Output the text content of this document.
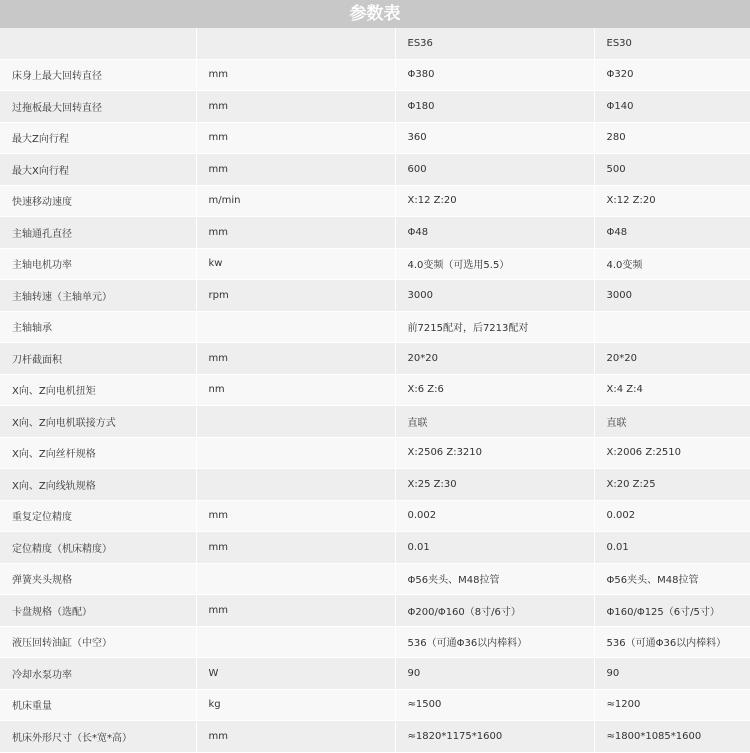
参数表
		ES36	ES30
床身上最大回转直径	mm	Φ380	Φ320
过拖板最大回转直径	mm	Φ180	Φ140
最大Z向行程	mm	360	280
最大X向行程	mm	600	500
快速移动速度	m/min	X:12 Z:20	X:12 Z:20
主轴通孔直径	mm	Φ48	Φ48
主轴电机功率	kw	4.0变频（可选用5.5）	4.0变频
主轴转速（主轴单元）	rpm	3000	3000
主轴轴承		前7215配对，后7213配对	
刀杆截面积	mm	20*20	20*20
X向、Z向电机扭矩	nm	X:6 Z:6	X:4 Z:4
X向、Z向电机联接方式		直联	直联
X向、Z向丝杆规格		X:2506 Z:3210	X:2006 Z:2510
X向、Z向线轨规格		X:25 Z:30	X:20 Z:25
重复定位精度	mm	0.002	0.002
定位精度（机床精度）	mm	0.01	0.01
弹簧夹头规格		Φ56夹头、M48拉管	Φ56夹头、M48拉管
卡盘规格（选配）	mm	Φ200/Φ160（8寸/6寸）	Φ160/Φ125（6寸/5寸）
液压回转油缸（中空）		536（可通Φ36以内棒料）	536（可通Φ36以内棒料）
冷却水泵功率	W	90	90
机床重量	kg	≈1500	≈1200
机床外形尺寸（长*宽*高）	mm	≈1820*1175*1600	≈1800*1085*1600
